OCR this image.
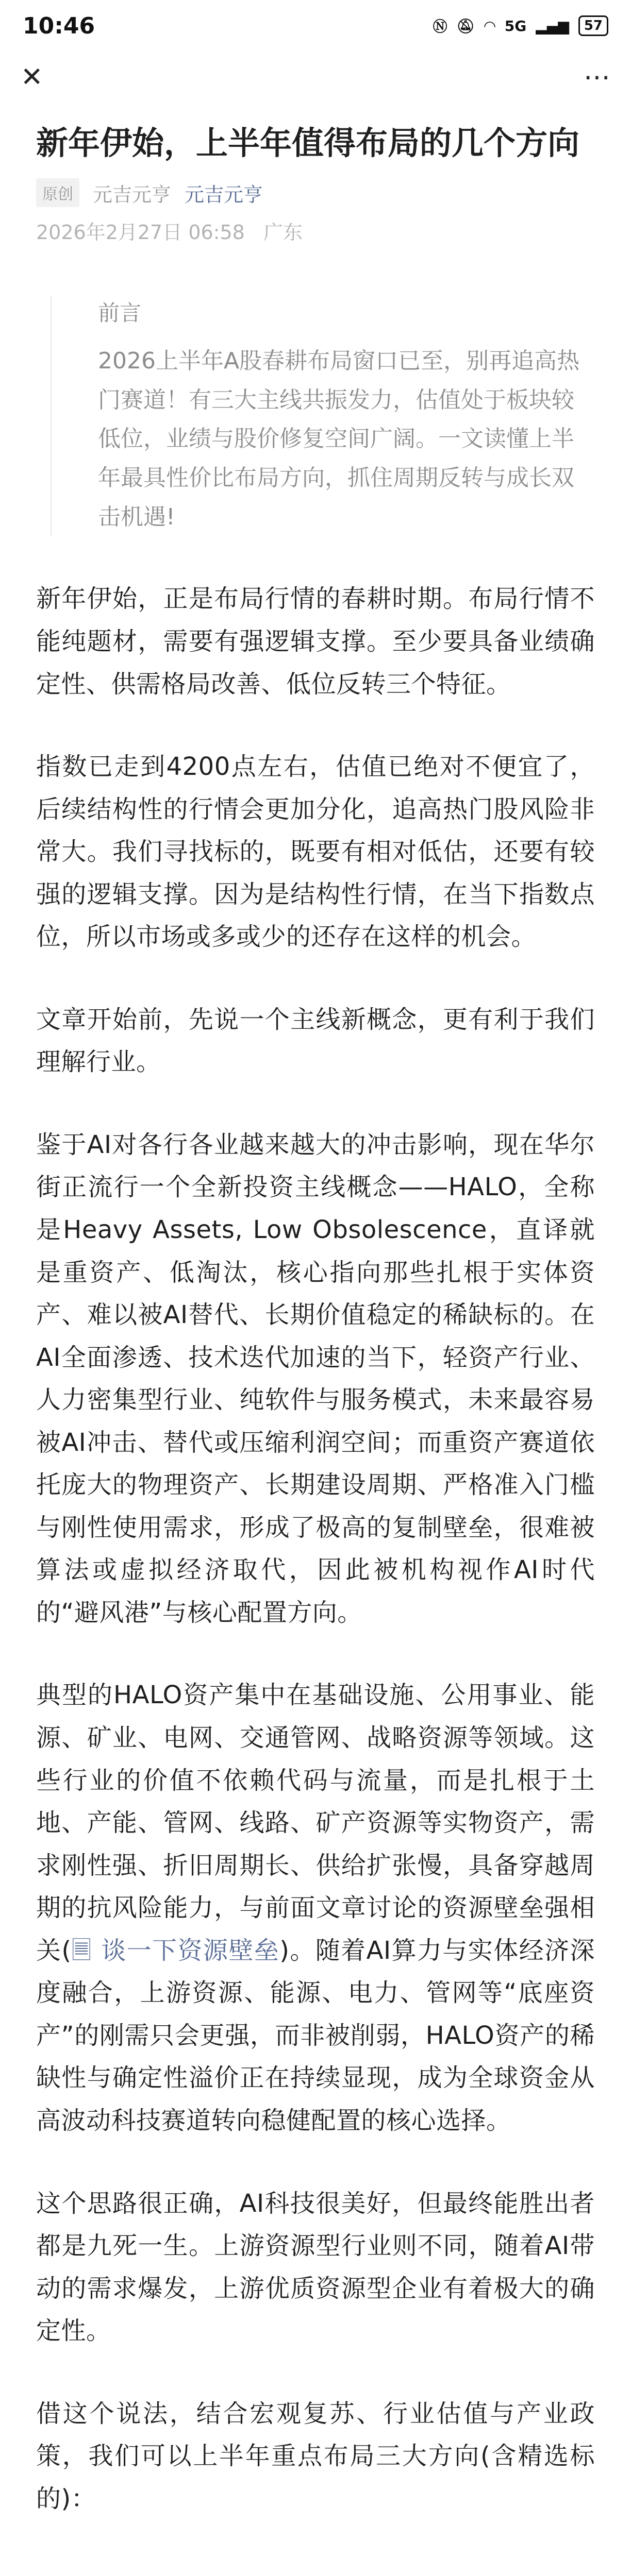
10:46	Ⓝ 🔕︎ ◠ 5G ▂▄▆ 57
✕	⋯
新年伊始，上半年值得布局的几个方向
原创	元吉元亨 元吉元亨
2026年2月27日 06:58 广东
前言
2026上半年A股春耕布局窗口已至，别再追高热门赛道！有三大主线共振发力，估值处于板块较低位，业绩与股价修复空间广阔。一文读懂上半年最具性价比布局方向，抓住周期反转与成长双击机遇!

新年伊始，正是布局行情的春耕时期。布局行情不能纯题材，需要有强逻辑支撑。至少要具备业绩确定性、供需格局改善、低位反转三个特征。

指数已走到4200点左右，估值已绝对不便宜了，后续结构性的行情会更加分化，追高热门股风险非常大。我们寻找标的，既要有相对低估，还要有较强的逻辑支撑。因为是结构性行情，在当下指数点位，所以市场或多或少的还存在这样的机会。

文章开始前，先说一个主线新概念，更有利于我们理解行业。

鉴于AI对各行各业越来越大的冲击影响，现在华尔街正流行一个全新投资主线概念——HALO，全称是Heavy Assets, Low Obsolescence，直译就是重资产、低淘汰，核心指向那些扎根于实体资产、难以被AI替代、长期价值稳定的稀缺标的。在AI全面渗透、技术迭代加速的当下，轻资产行业、人力密集型行业、纯软件与服务模式，未来最容易被AI冲击、替代或压缩利润空间；而重资产赛道依托庞大的物理资产、长期建设周期、严格准入门槛与刚性使用需求，形成了极高的复制壁垒，很难被算法或虚拟经济取代，因此被机构视作AI时代的“避风港”与核心配置方向。

典型的HALO资产集中在基础设施、公用事业、能源、矿业、电网、交通管网、战略资源等领域。这些行业的价值不依赖代码与流量，而是扎根于土地、产能、管网、线路、矿产资源等实物资产，需求刚性强、折旧周期长、供给扩张慢，具备穿越周期的抗风险能力，与前面文章讨论的资源壁垒强相关(🗏︎ 谈一下资源壁垒)。随着AI算力与实体经济深度融合，上游资源、能源、电力、管网等“底座资产”的刚需只会更强，而非被削弱，HALO资产的稀缺性与确定性溢价正在持续显现，成为全球资金从高波动科技赛道转向稳健配置的核心选择。

这个思路很正确，AI科技很美好，但最终能胜出者都是九死一生。上游资源型行业则不同，随着AI带动的需求爆发，上游优质资源型企业有着极大的确定性。

借这个说法，结合宏观复苏、行业估值与产业政策，我们可以上半年重点布局三大方向(含精选标的)：
